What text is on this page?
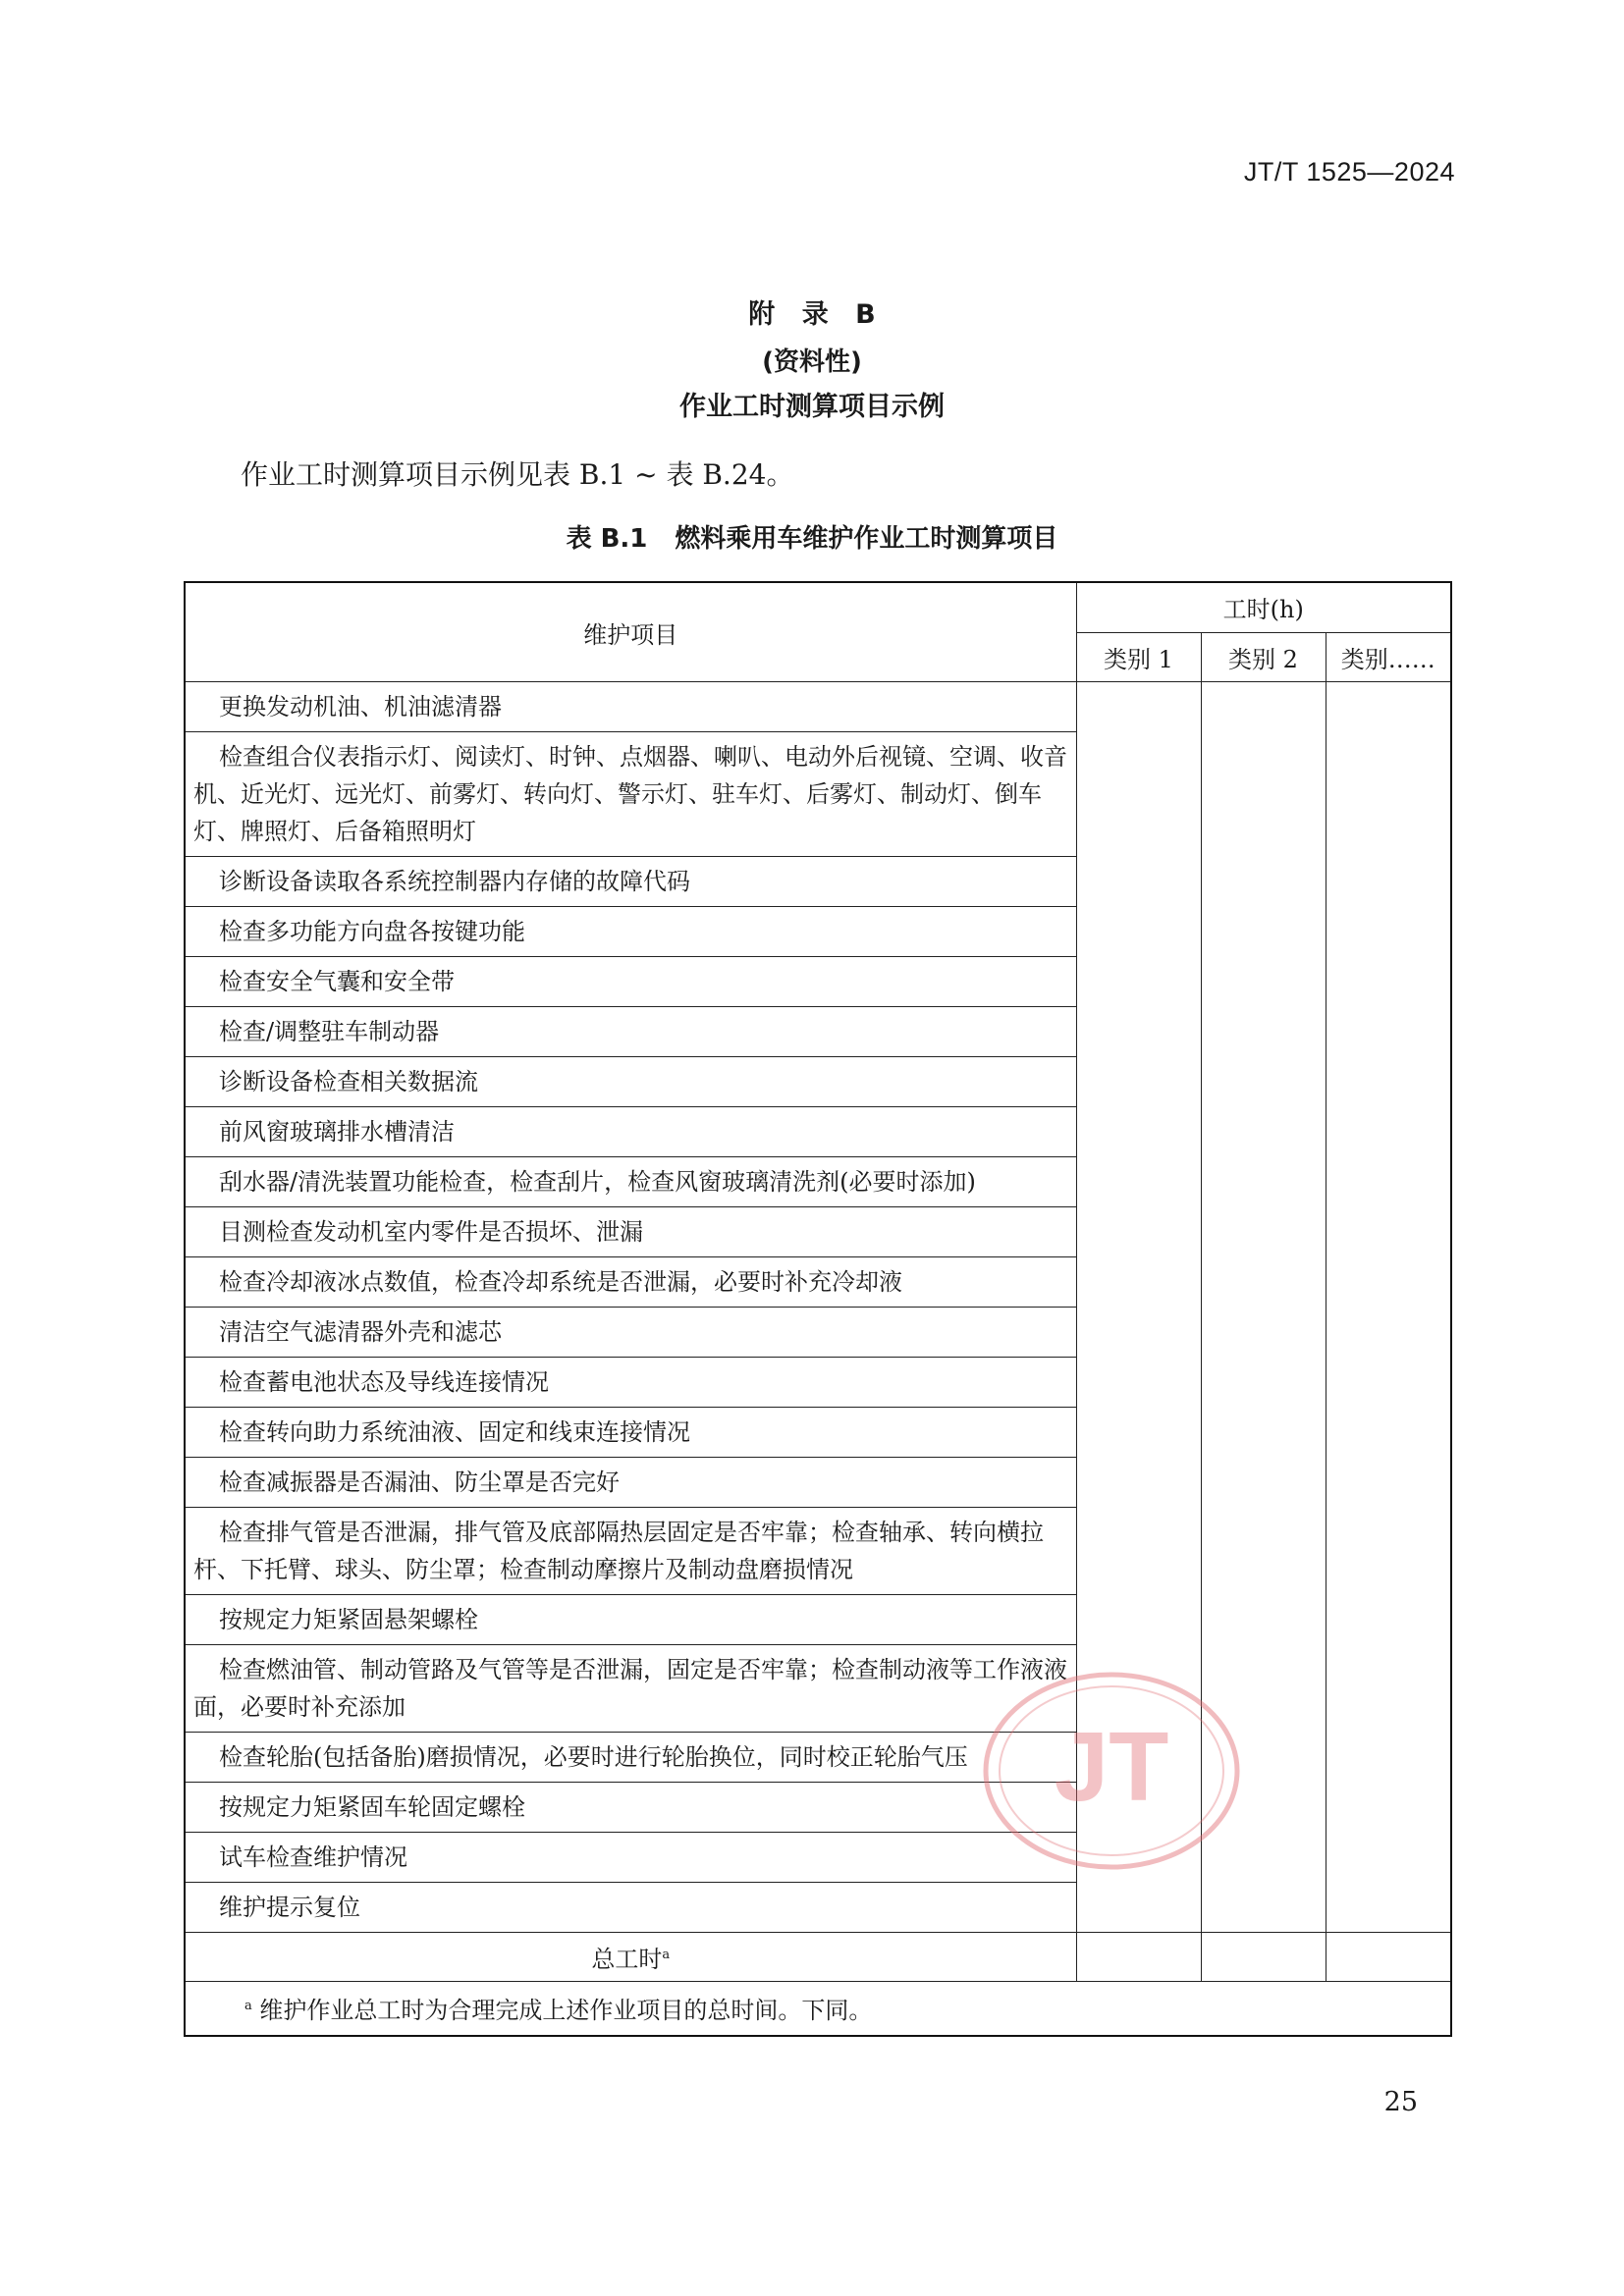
JT/T 1525—2024
附 录 B
(资料性)
作业工时测算项目示例
作业工时测算项目示例见表 B.1 ~ 表 B.24。
表 B.1 燃料乘用车维护作业工时测算项目
维护项目	工时(h)		
	类别 1	类别 2	类别……
更换发动机油、机油滤清器			
检查组合仪表指示灯、阅读灯、时钟、点烟器、喇叭、电动外后视镜、空调、收音机、近光灯、远光灯、前雾灯、转向灯、警示灯、驻车灯、后雾灯、制动灯、倒车灯、牌照灯、后备箱照明灯			
诊断设备读取各系统控制器内存储的故障代码			
检查多功能方向盘各按键功能			
检查安全气囊和安全带			
检查/调整驻车制动器			
诊断设备检查相关数据流			
前风窗玻璃排水槽清洁			
刮水器/清洗装置功能检查，检查刮片，检查风窗玻璃清洗剂(必要时添加)			
目测检查发动机室内零件是否损坏、泄漏			
检查冷却液冰点数值，检查冷却系统是否泄漏，必要时补充冷却液			
清洁空气滤清器外壳和滤芯			
检查蓄电池状态及导线连接情况			
检查转向助力系统油液、固定和线束连接情况			
检查减振器是否漏油、防尘罩是否完好			
检查排气管是否泄漏，排气管及底部隔热层固定是否牢靠；检查轴承、转向横拉杆、下托臂、球头、防尘罩；检查制动摩擦片及制动盘磨损情况			
按规定力矩紧固悬架螺栓			
检查燃油管、制动管路及气管等是否泄漏，固定是否牢靠；检查制动液等工作液液面，必要时补充添加			
检查轮胎(包括备胎)磨损情况，必要时进行轮胎换位，同时校正轮胎气压			
按规定力矩紧固车轮固定螺栓			
试车检查维护情况			
维护提示复位			
总工时$^a$			
$^a$ 维护作业总工时为合理完成上述作业项目的总时间。下同。			
JT
25
